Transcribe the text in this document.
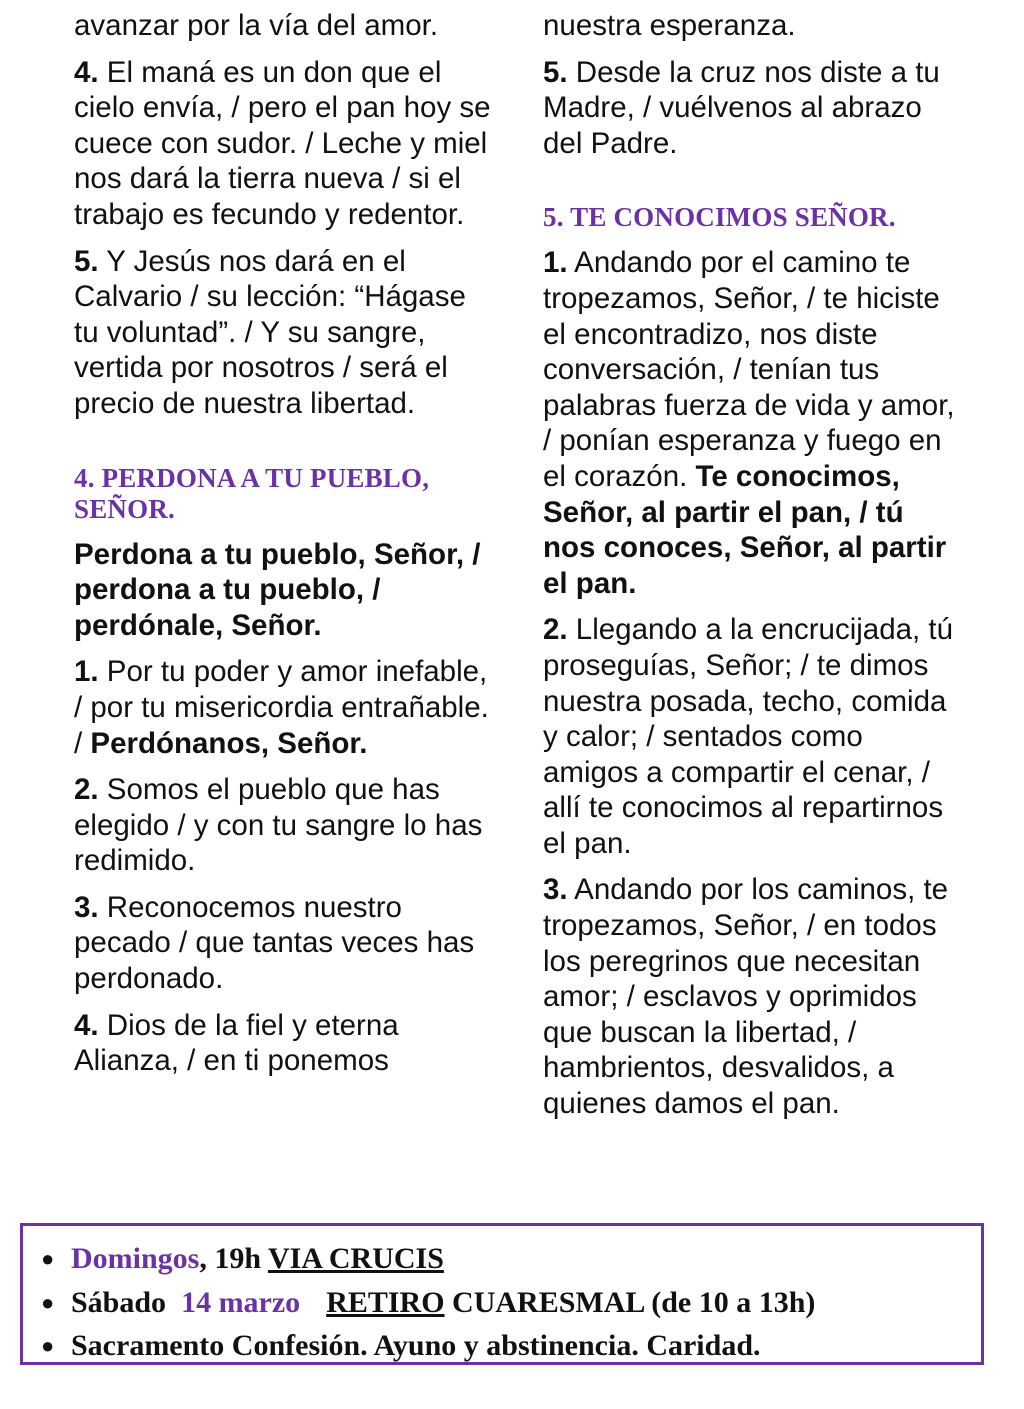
avanzar por la vía del amor.

4. El maná es un don que el cielo envía, / pero el pan hoy se cuece con sudor. / Leche y miel nos dará la tierra nueva / si el trabajo es fecundo y redentor.

5. Y Jesús nos dará en el Calvario / su lección: “Hágase tu voluntad”. / Y su sangre, vertida por nosotros / será el precio de nuestra libertad.

4. PERDONA A TU PUEBLO, SEÑOR.

Perdona a tu pueblo, Señor, / perdona a tu pueblo, / perdónale, Señor.

1. Por tu poder y amor inefable, / por tu misericordia entrañable. / Perdónanos, Señor.

2. Somos el pueblo que has elegido / y con tu sangre lo has redimido.

3. Reconocemos nuestro pecado / que tantas veces has perdonado.

4. Dios de la fiel y eterna Alianza, / en ti ponemos

nuestra esperanza.

5. Desde la cruz nos diste a tu Madre, / vuélvenos al abrazo del Padre.

5. TE CONOCIMOS SEÑOR.

1. Andando por el camino te tropezamos, Señor, / te hiciste el encontradizo, nos diste conversación, / tenían tus palabras fuerza de vida y amor, / ponían esperanza y fuego en el corazón. Te conocimos, Señor, al partir el pan, / tú nos conoces, Señor, al partir el pan.

2. Llegando a la encrucijada, tú proseguías, Señor; / te dimos nuestra posada, techo, comida y calor; / sentados como amigos a compartir el cenar, / allí te conocimos al repartirnos el pan.

3. Andando por los caminos, te tropezamos, Señor, / en todos los peregrinos que necesitan amor; / esclavos y oprimidos que buscan la libertad, / hambrientos, desvalidos, a quienes damos el pan.

● Domingos, 19h VIA CRUCIS
● Sábado  14 marzo RETIRO CUARESMAL (de 10 a 13h)
● Sacramento Confesión. Ayuno y abstinencia. Caridad.
